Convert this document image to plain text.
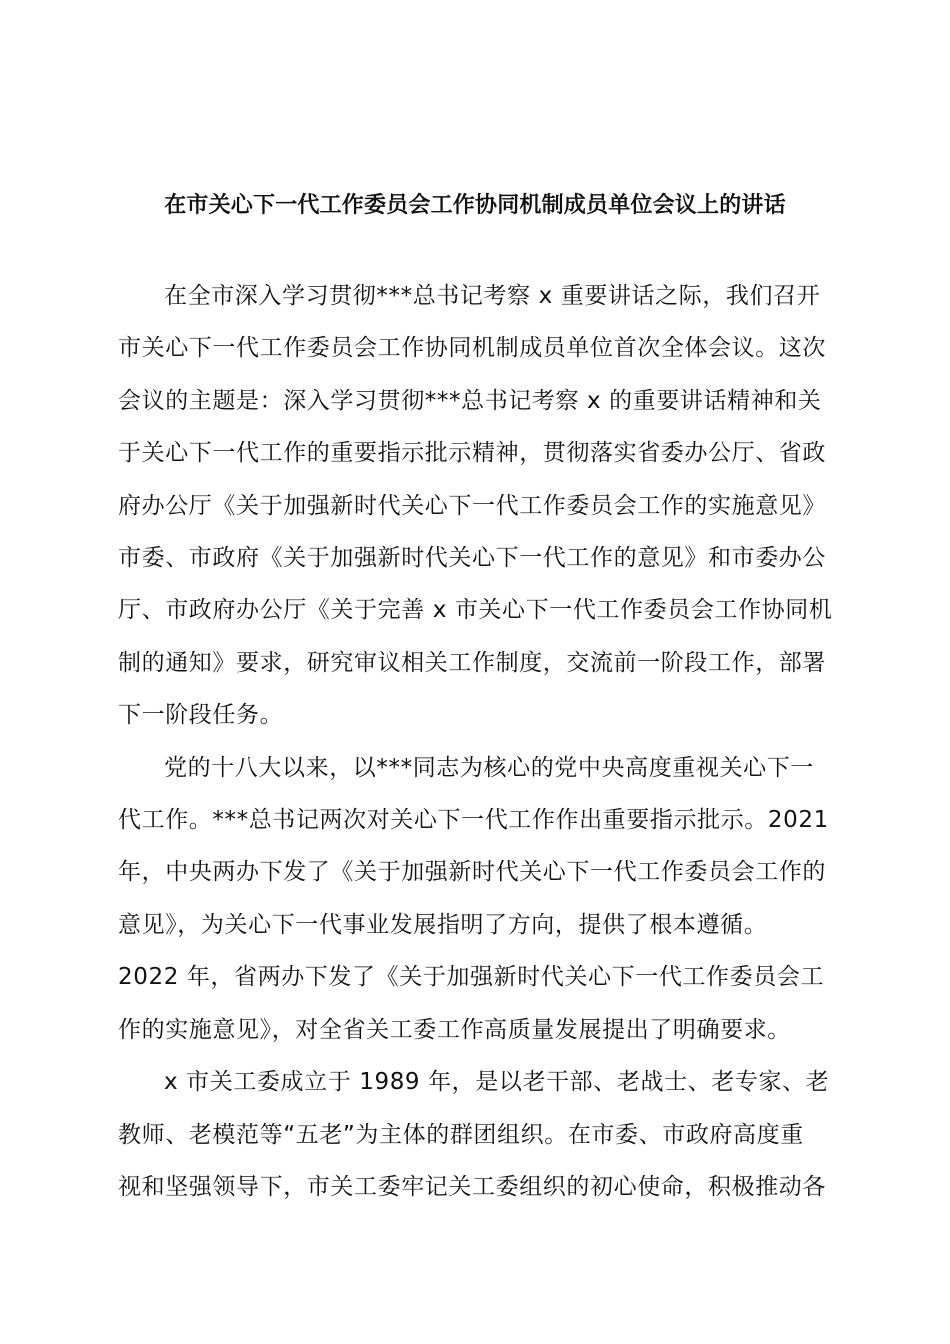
在市关心下一代工作委员会工作协同机制成员单位会议上的讲话
在全市深入学习贯彻***总书记考察 x 重要讲话之际，我们召开
市关心下一代工作委员会工作协同机制成员单位首次全体会议。这次
会议的主题是：深入学习贯彻***总书记考察 x 的重要讲话精神和关
于关心下一代工作的重要指示批示精神，贯彻落实省委办公厅、省政
府办公厅《关于加强新时代关心下一代工作委员会工作的实施意见》
市委、市政府《关于加强新时代关心下一代工作的意见》和市委办公
厅、市政府办公厅《关于完善 x 市关心下一代工作委员会工作协同机
制的通知》要求，研究审议相关工作制度，交流前一阶段工作，部署
下一阶段任务。
党的十八大以来，以***同志为核心的党中央高度重视关心下一
代工作。***总书记两次对关心下一代工作作出重要指示批示。2021
年，中央两办下发了《关于加强新时代关心下一代工作委员会工作的
意见》，为关心下一代事业发展指明了方向，提供了根本遵循。
2022 年，省两办下发了《关于加强新时代关心下一代工作委员会工
作的实施意见》，对全省关工委工作高质量发展提出了明确要求。
x 市关工委成立于 1989 年，是以老干部、老战士、老专家、老
教师、老模范等“五老”为主体的群团组织。在市委、市政府高度重
视和坚强领导下，市关工委牢记关工委组织的初心使命，积极推动各
